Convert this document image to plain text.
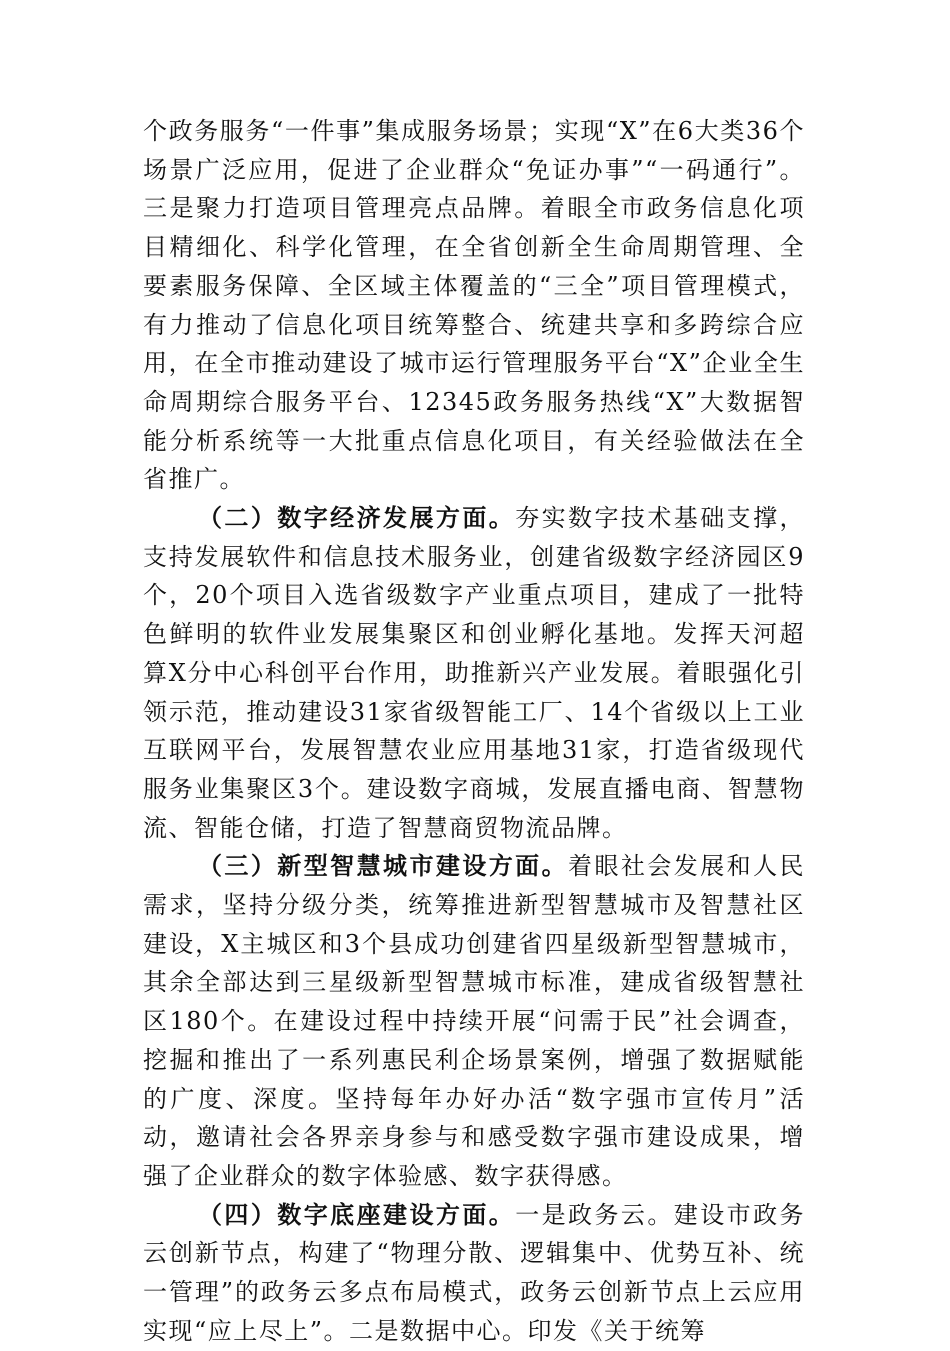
个政务服务“一件事”集成服务场景；实现“X”在6大类36个场景广泛应用，促进了企业群众“免证办事”“一码通行”。三是聚力打造项目管理亮点品牌。着眼全市政务信息化项目精细化、科学化管理，在全省创新全生命周期管理、全要素服务保障、全区域主体覆盖的“三全”项目管理模式，有力推动了信息化项目统筹整合、统建共享和多跨综合应用，在全市推动建设了城市运行管理服务平台“X”企业全生命周期综合服务平台、12345政务服务热线“X”大数据智能分析系统等一大批重点信息化项目，有关经验做法在全省推广。

（二）数字经济发展方面。夯实数字技术基础支撑，支持发展软件和信息技术服务业，创建省级数字经济园区9个，20个项目入选省级数字产业重点项目，建成了一批特色鲜明的软件业发展集聚区和创业孵化基地。发挥天河超算X分中心科创平台作用，助推新兴产业发展。着眼强化引领示范，推动建设31家省级智能工厂、14个省级以上工业互联网平台，发展智慧农业应用基地31家，打造省级现代服务业集聚区3个。建设数字商城，发展直播电商、智慧物流、智能仓储，打造了智慧商贸物流品牌。

（三）新型智慧城市建设方面。着眼社会发展和人民需求，坚持分级分类，统筹推进新型智慧城市及智慧社区建设，X主城区和3个县成功创建省四星级新型智慧城市，其余全部达到三星级新型智慧城市标准，建成省级智慧社区180个。在建设过程中持续开展“问需于民”社会调查，挖掘和推出了一系列惠民利企场景案例，增强了数据赋能的广度、深度。坚持每年办好办活“数字强市宣传月”活动，邀请社会各界亲身参与和感受数字强市建设成果，增强了企业群众的数字体验感、数字获得感。

（四）数字底座建设方面。一是政务云。建设市政务云创新节点，构建了“物理分散、逻辑集中、优势互补、统一管理”的政务云多点布局模式，政务云创新节点上云应用实现“应上尽上”。二是数据中心。印发《关于统筹
